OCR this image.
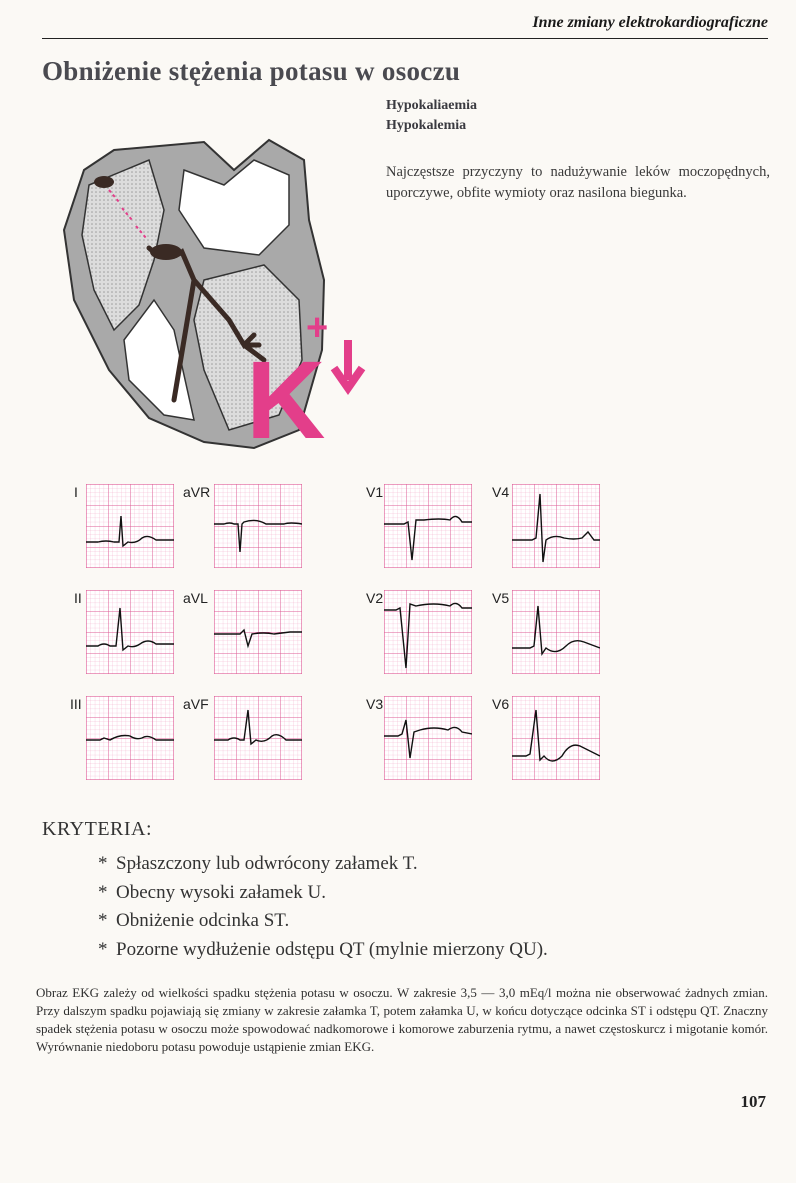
Inne zmiany elektrokardiograficzne
Obniżenie stężenia potasu w osoczu
Hypokaliaemia
Hypokalemia
Najczęstsze przyczyny to nadużywanie leków moczopędnych, uporczywe, obfite wymioty oraz nasilona biegunka.
K
+
I	aVR	V1	V4
II	aVL	V2	V5
III	aVF	V3	V6
KRYTERIA:
* Spłaszczony lub odwrócony załamek T.
* Obecny wysoki załamek U.
* Obniżenie odcinka ST.
* Pozorne wydłużenie odstępu QT (mylnie mierzony QU).
Obraz EKG zależy od wielkości spadku stężenia potasu w osoczu. W zakresie 3,5 — 3,0 mEq/l można nie obserwować żadnych zmian. Przy dalszym spadku pojawiają się zmiany w zakresie załamka T, potem załamka U, w końcu dotyczące odcinka ST i odstępu QT. Znaczny spadek stężenia potasu w osoczu może spowodować nadkomorowe i komorowe zaburzenia rytmu, a nawet częstoskurcz i migotanie komór. Wyrównanie niedoboru potasu powoduje ustąpienie zmian EKG.
107
